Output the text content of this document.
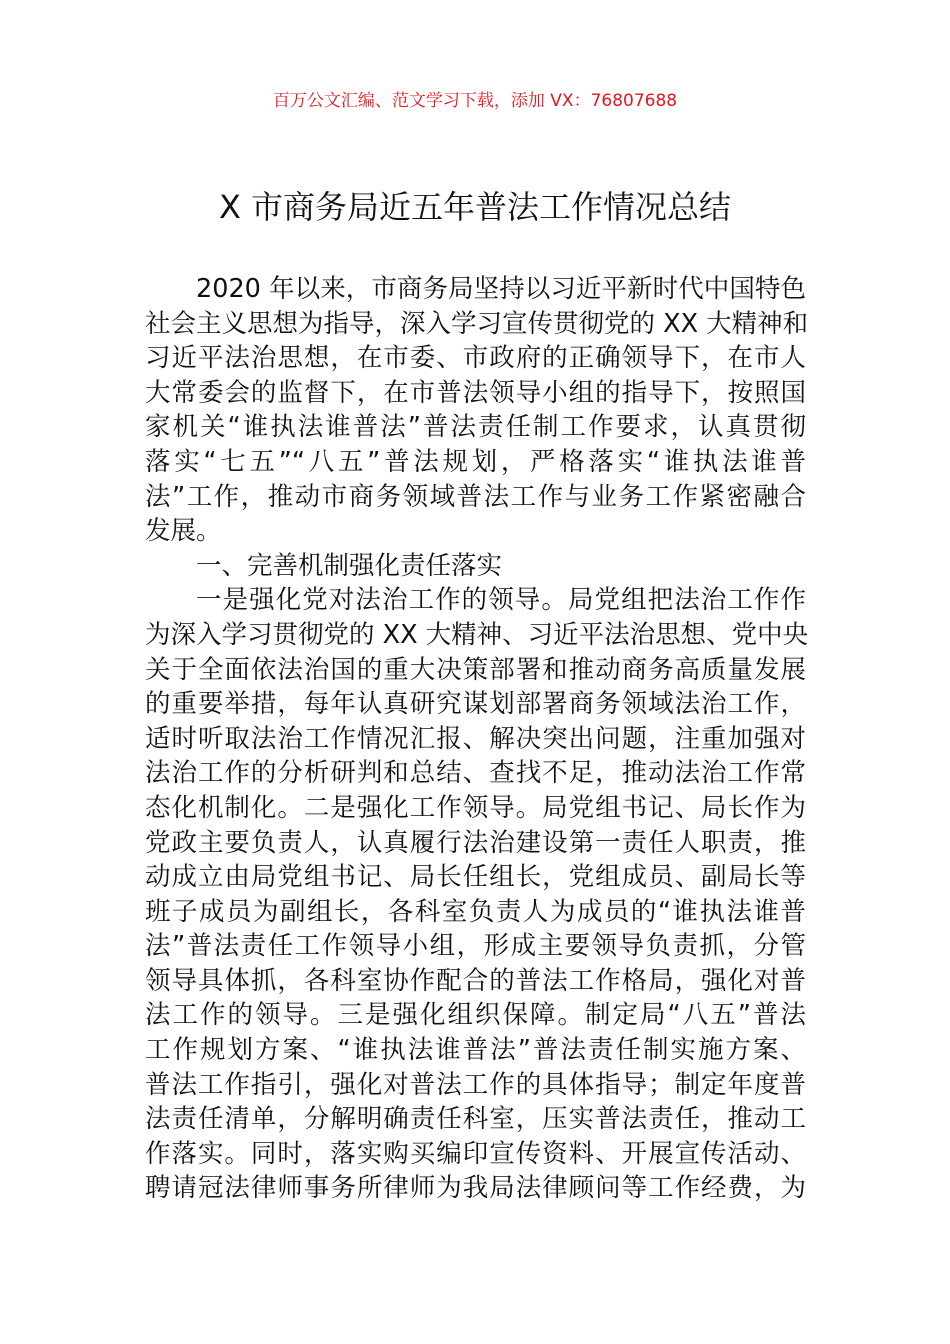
百万公文汇编、范文学习下载，添加 VX：76807688
X 市商务局近五年普法工作情况总结
2020 年以来，市商务局坚持以习近平新时代中国特色
社会主义思想为指导，深入学习宣传贯彻党的 XX 大精神和
习近平法治思想，在市委、市政府的正确领导下，在市人
大常委会的监督下，在市普法领导小组的指导下，按照国
家机关“谁执法谁普法”普法责任制工作要求，认真贯彻
落实“七五”“八五”普法规划，严格落实“谁执法谁普
法”工作，推动市商务领域普法工作与业务工作紧密融合
发展。
一、完善机制强化责任落实
一是强化党对法治工作的领导。局党组把法治工作作
为深入学习贯彻党的 XX 大精神、习近平法治思想、党中央
关于全面依法治国的重大决策部署和推动商务高质量发展
的重要举措，每年认真研究谋划部署商务领域法治工作，
适时听取法治工作情况汇报、解决突出问题，注重加强对
法治工作的分析研判和总结、查找不足，推动法治工作常
态化机制化。二是强化工作领导。局党组书记、局长作为
党政主要负责人，认真履行法治建设第一责任人职责，推
动成立由局党组书记、局长任组长，党组成员、副局长等
班子成员为副组长，各科室负责人为成员的“谁执法谁普
法”普法责任工作领导小组，形成主要领导负责抓，分管
领导具体抓，各科室协作配合的普法工作格局，强化对普
法工作的领导。三是强化组织保障。制定局“八五”普法
工作规划方案、“谁执法谁普法”普法责任制实施方案、
普法工作指引，强化对普法工作的具体指导；制定年度普
法责任清单，分解明确责任科室，压实普法责任，推动工
作落实。同时，落实购买编印宣传资料、开展宣传活动、
聘请冠法律师事务所律师为我局法律顾问等工作经费，为
